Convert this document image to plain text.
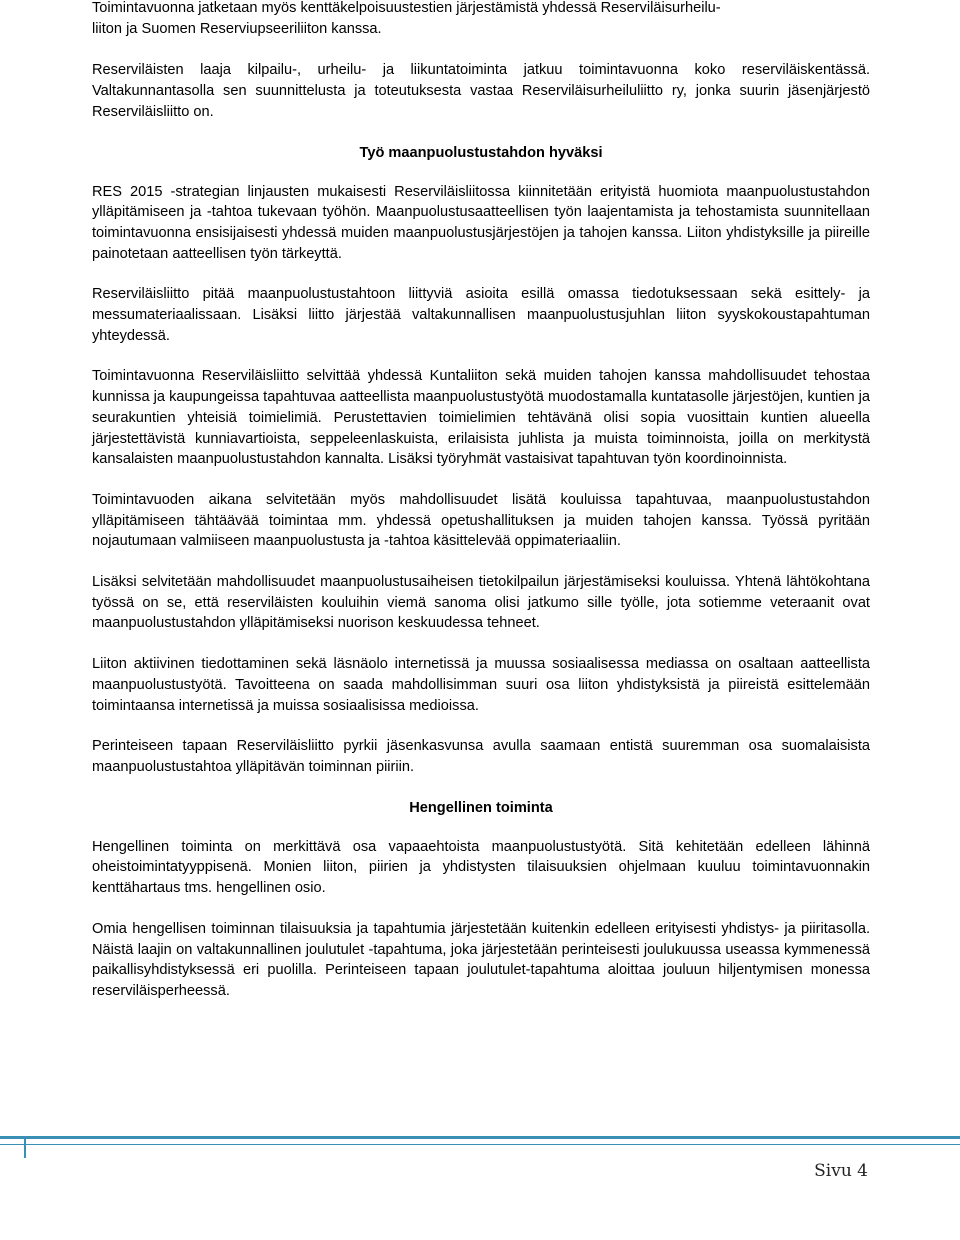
Toimintavuonna jatketaan myös kenttäkelpoisuustestien järjestämistä yhdessä Reserviläisurheilu-
liiton ja Suomen Reserviupseeriliiton kanssa.

Reserviläisten laaja kilpailu-, urheilu- ja liikuntatoiminta jatkuu toimintavuonna koko reserviläiskentässä. Valtakunnantasolla sen suunnittelusta ja toteutuksesta vastaa Reserviläisurheiluliitto ry, jonka suurin jäsenjärjestö Reserviläisliitto on.

Työ maanpuolustustahdon hyväksi

RES 2015 -strategian linjausten mukaisesti Reserviläisliitossa kiinnitetään erityistä huomiota maanpuolustustahdon ylläpitämiseen ja -tahtoa tukevaan työhön. Maanpuolustusaatteellisen työn laajentamista ja tehostamista suunnitellaan toimintavuonna ensisijaisesti yhdessä muiden maanpuolustusjärjestöjen ja tahojen kanssa. Liiton yhdistyksille ja piireille painotetaan aatteellisen työn tärkeyttä.

Reserviläisliitto pitää maanpuolustustahtoon liittyviä asioita esillä omassa tiedotuksessaan sekä esittely- ja messumateriaalissaan. Lisäksi liitto järjestää valtakunnallisen maanpuolustusjuhlan liiton syyskokoustapahtuman yhteydessä.

Toimintavuonna Reserviläisliitto selvittää yhdessä Kuntaliiton sekä muiden tahojen kanssa mahdollisuudet tehostaa kunnissa ja kaupungeissa tapahtuvaa aatteellista maanpuolustustyötä muodostamalla kuntatasolle järjestöjen, kuntien ja seurakuntien yhteisiä toimielimiä. Perustettavien toimielimien tehtävänä olisi sopia vuosittain kuntien alueella järjestettävistä kunniavartioista, seppeleenlaskuista, erilaisista juhlista ja muista toiminnoista, joilla on merkitystä kansalaisten maanpuolustustahdon kannalta. Lisäksi työryhmät vastaisivat tapahtuvan työn koordinoinnista.

Toimintavuoden aikana selvitetään myös mahdollisuudet lisätä kouluissa tapahtuvaa, maanpuolustustahdon ylläpitämiseen tähtäävää toimintaa mm. yhdessä opetushallituksen ja muiden tahojen kanssa. Työssä pyritään nojautumaan valmiiseen maanpuolustusta ja -tahtoa käsittelevää oppimateriaaliin.

Lisäksi selvitetään mahdollisuudet maanpuolustusaiheisen tietokilpailun järjestämiseksi kouluissa. Yhtenä lähtökohtana työssä on se, että reserviläisten kouluihin viemä sanoma olisi jatkumo sille työlle, jota sotiemme veteraanit ovat maanpuolustustahdon ylläpitämiseksi nuorison keskuudessa tehneet.

Liiton aktiivinen tiedottaminen sekä läsnäolo internetissä ja muussa sosiaalisessa mediassa on osaltaan aatteellista maanpuolustustyötä. Tavoitteena on saada mahdollisimman suuri osa liiton yhdistyksistä ja piireistä esittelemään toimintaansa internetissä ja muissa sosiaalisissa medioissa.

Perinteiseen tapaan Reserviläisliitto pyrkii jäsenkasvunsa avulla saamaan entistä suuremman osa suomalaisista maanpuolustustahtoa ylläpitävän toiminnan piiriin.

Hengellinen toiminta

Hengellinen toiminta on merkittävä osa vapaaehtoista maanpuolustustyötä. Sitä kehitetään edelleen lähinnä oheistoimintatyyppisenä. Monien liiton, piirien ja yhdistysten tilaisuuksien ohjelmaan kuuluu toimintavuonnakin kenttähartaus tms. hengellinen osio.

Omia hengellisen toiminnan tilaisuuksia ja tapahtumia järjestetään kuitenkin edelleen erityisesti yhdistys- ja piiritasolla. Näistä laajin on valtakunnallinen joulutulet -tapahtuma, joka järjestetään perinteisesti joulukuussa useassa kymmenessä paikallisyhdistyksessä eri puolilla. Perinteiseen tapaan joulutulet-tapahtuma aloittaa jouluun hiljentymisen monessa reserviläisperheessä.

Sivu 4
